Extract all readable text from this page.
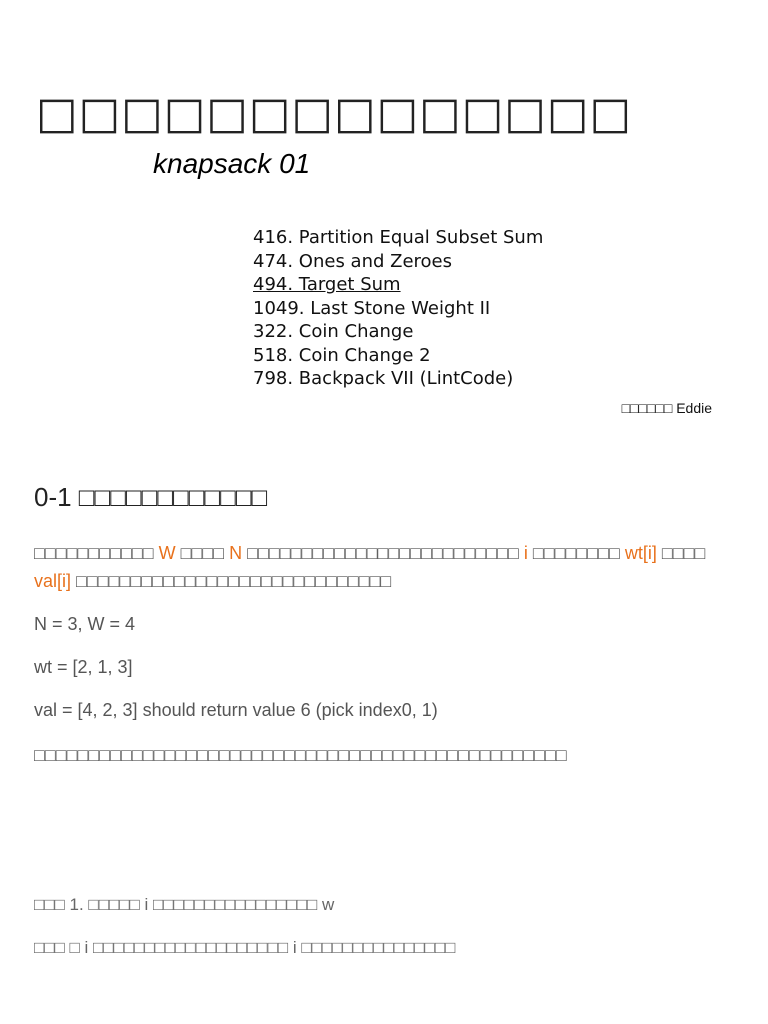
□□□□□□□□□□□□□□
knapsack 01
416. Partition Equal Subset Sum
474. Ones and Zeroes
494. Target Sum
1049. Last Stone Weight II
322. Coin Change
518. Coin Change 2
798. Backpack VII (LintCode)
□□□□□□ Eddie
0-1 □□□□□□□□□□□□
□□□□□□□□□□□ W □□□□ N □□□□□□□□□□□□□□□□□□□□□□□□□ i □□□□□□□□ wt[i] □□□□
val[i] □□□□□□□□□□□□□□□□□□□□□□□□□□□□□
N = 3, W = 4
wt = [2, 1, 3]
val = [4, 2, 3] should return value 6 (pick index0, 1)
□□□□□□□□□□□□□□□□□□□□□□□□□□□□□□□□□□□□□□□□□□□□□□□□□
□□□ 1. □□□□□ i □□□□□□□□□□□□□□□□ w
□□□ □ i □□□□□□□□□□□□□□□□□□□ i □□□□□□□□□□□□□□□
